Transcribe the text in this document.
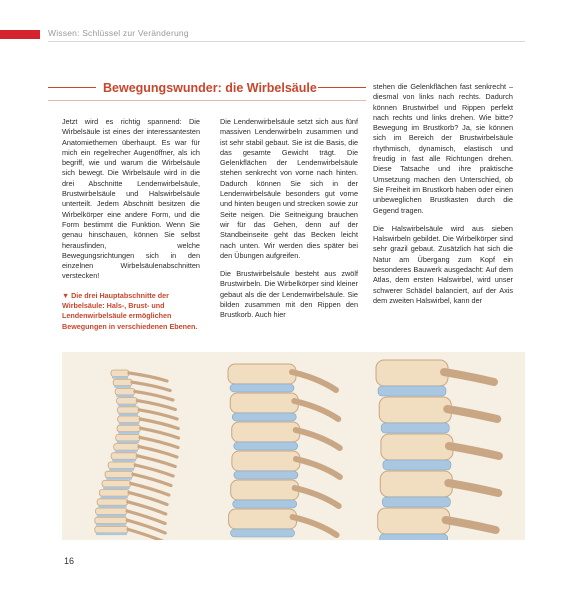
Wissen: Schlüssel zur Veränderung
Bewegungswunder: die Wirbelsäule

Jetzt wird es richtig spannend: Die Wirbelsäule ist eines der interessantesten Anatomiethemen überhaupt. Es war für mich ein regelrecher Augenöffner, als ich begriff, wie und warum die Wirbelsäule sich bewegt. Die Wirbelsäule wird in die drei Abschnitte Lendenwirbelsäule, Brustwirbelsäule und Halswirbelsäule unterteilt. Jedem Abschnitt besitzen die Wirbelkörper eine andere Form, und die Form bestimmt die Funktion. Wenn Sie genau hinschauen, können Sie selbst herausfinden, welche Bewegungsrichtungen sich in den einzelnen Wirbelsäulenabschnitten verstecken!

▼ Die drei Hauptabschnitte der Wirbelsäule: Hals-, Brust- und Lendenwirbelsäule ermöglichen Bewegungen in verschiedenen Ebenen.

Die Lendenwirbelsäule setzt sich aus fünf massiven Lendenwirbeln zusammen und ist sehr stabil gebaut. Sie ist die Basis, die das gesamte Gewicht trägt. Die Gelenkflächen der Lendenwirbelsäule stehen senkrecht von vorne nach hinten. Dadurch können Sie sich in der Lendenwirbelsäule besonders gut vorne und hinten beugen und strecken sowie zur Seite neigen. Die Seitneigung brauchen wir für das Gehen, denn auf der Standbeinseite geht das Becken leicht nach unten. Wir werden dies später bei den Übungen aufgreifen.

Die Brustwirbelsäule besteht aus zwölf Brustwirbeln. Die Wirbelkörper sind kleiner gebaut als die der Lendenwirbelsäule. Sie bilden zusammen mit den Rippen den Brustkorb. Auch hier

stehen die Gelenkflächen fast senkrecht – diesmal von links nach rechts. Dadurch können Brustwirbel und Rippen perfekt nach rechts und links drehen. Wie bitte? Bewegung im Brustkorb? Ja, sie können sich im Bereich der Brustwirbelsäule rhythmisch, dynamisch, elastisch und freudig in fast alle Richtungen drehen. Diese Tatsache und ihre praktische Umsetzung machen den Unterschied, ob Sie Freiheit im Brustkorb haben oder einen unbeweglichen Brustkasten durch die Gegend tragen.

Die Halswirbelsäule wird aus sieben Halswirbeln gebildet. Die Wirbelkörper sind sehr grazil gebaut. Zusätzlich hat sich die Natur am Übergang zum Kopf ein besonderes Bauwerk ausgedacht: Auf dem Atlas, dem ersten Halswirbel, wird unser schwerer Schädel balanciert, auf der Axis dem zweiten Halswirbel, kann der

16
